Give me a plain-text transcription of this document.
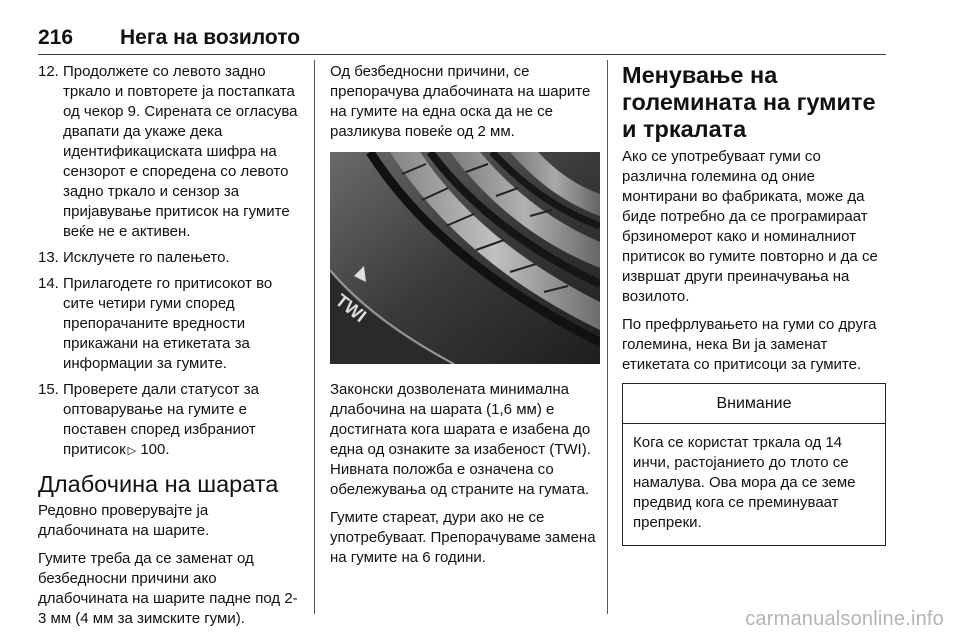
216 Нега на возилото
12. Продолжете со левото задно тркало и повторете ја постапката од чекор 9. Сирената се огласува двапати да укаже дека идентификациската шифра на сензорот е споредена со левото задно тркало и сензор за пријавување притисок на гумите веќе не е активен.
13. Исклучете го палењето.
14. Прилагодете го притисокот во сите четири гуми според препорачаните вредности прикажани на етикетата за информации за гумите.
15. Проверете дали статусот за оптоварување на гумите е поставен според избраниот притисок ▷ 100.
Длабочина на шарата

Редовно проверувајте ја длабочината на шарите.

Гумите треба да се заменат од безбедносни причини ако длабочината на шарите падне под 2-3 мм (4 мм за зимските гуми).

Од безбедносни причини, се препорачува длабочината на шарите на гумите на една оска да не се разликува повеќе од 2 мм.

TWI

Законски дозволената минимална длабочина на шарата (1,6 мм) е достигната кога шарата е изабена до една од ознаките за изабеност (TWI). Нивната положба е означена со обележувања од страните на гумата.

Гумите стареат, дури ако не се употребуваат. Препорачуваме замена на гумите на 6 години.

Менување на големината на гумите и тркалата

Ако се употребуваат гуми со различна големина од оние монтирани во фабриката, може да биде потребно да се програмираат брзиномерот како и номиналниот притисок во гумите повторно и да се извршат други преиначувања на возилото.

По префрлувањето на гуми со друга големина, нека Ви ја заменат етикетата со притисоци за гумите.

Внимание
Кога се користат тркала од 14 инчи, растојанието до тлото се намалува. Ова мора да се земе предвид кога се преминуваат препреки.
carmanualsonline.info
